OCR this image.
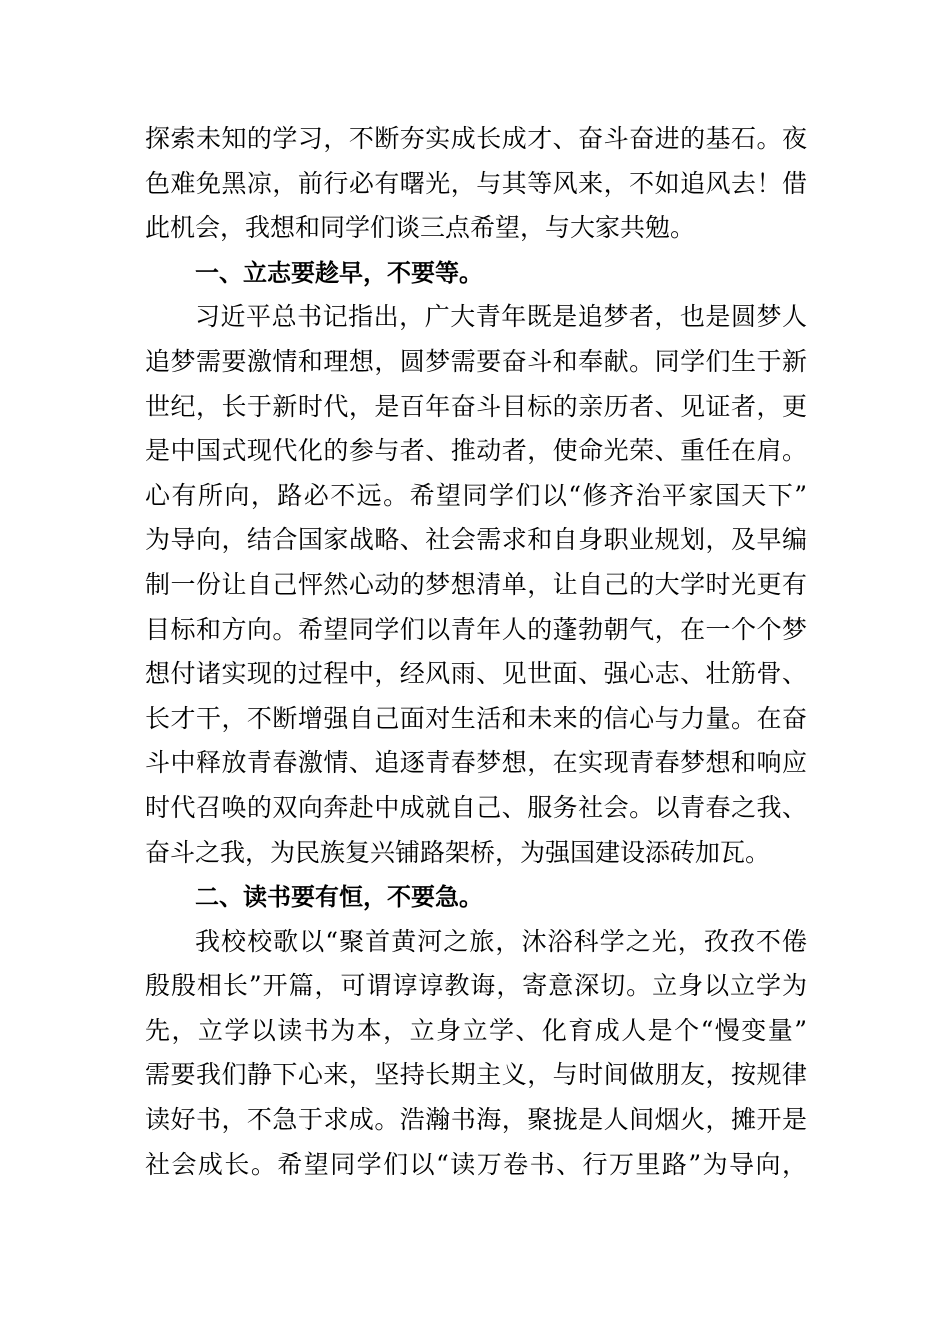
探索未知的学习，不断夯实成长成才、奋斗奋进的基石。夜
色难免黑凉，前行必有曙光，与其等风来，不如追风去！借
此机会，我想和同学们谈三点希望，与大家共勉。
一、立志要趁早，不要等。
习近平总书记指出，广大青年既是追梦者，也是圆梦人
追梦需要激情和理想，圆梦需要奋斗和奉献。同学们生于新
世纪，长于新时代，是百年奋斗目标的亲历者、见证者，更
是中国式现代化的参与者、推动者，使命光荣、重任在肩。
心有所向，路必不远。希望同学们以“修齐治平家国天下”
为导向，结合国家战略、社会需求和自身职业规划，及早编
制一份让自己怦然心动的梦想清单，让自己的大学时光更有
目标和方向。希望同学们以青年人的蓬勃朝气，在一个个梦
想付诸实现的过程中，经风雨、见世面、强心志、壮筋骨、
长才干，不断增强自己面对生活和未来的信心与力量。在奋
斗中释放青春激情、追逐青春梦想，在实现青春梦想和响应
时代召唤的双向奔赴中成就自己、服务社会。以青春之我、
奋斗之我，为民族复兴铺路架桥，为强国建设添砖加瓦。
二、读书要有恒，不要急。
我校校歌以“聚首黄河之旅，沐浴科学之光，孜孜不倦
殷殷相长”开篇，可谓谆谆教诲，寄意深切。立身以立学为
先，立学以读书为本，立身立学、化育成人是个“慢变量”
需要我们静下心来，坚持长期主义，与时间做朋友，按规律
读好书，不急于求成。浩瀚书海，聚拢是人间烟火，摊开是
社会成长。希望同学们以“读万卷书、行万里路”为导向，
